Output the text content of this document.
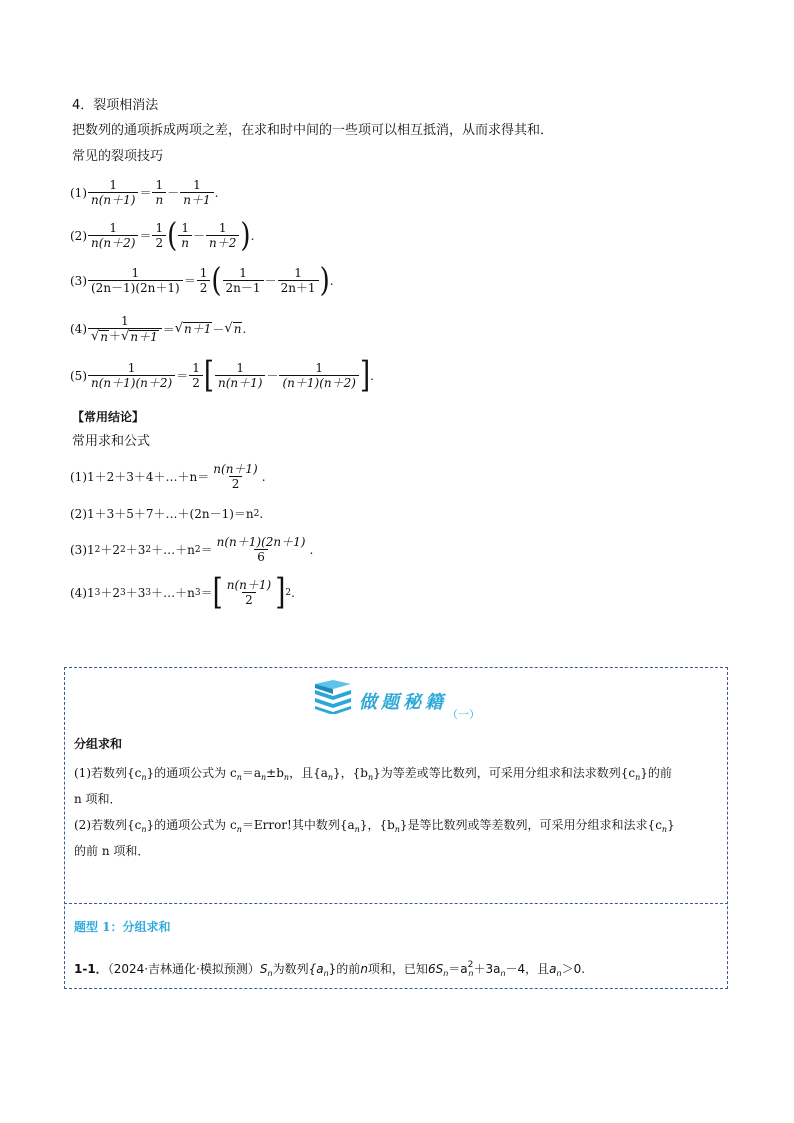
4．裂项相消法
把数列的通项拆成两项之差，在求和时中间的一些项可以相互抵消，从而求得其和．
常见的裂项技巧
$(1) \frac{1}{n(n+1)} = \frac{1}{n} - \frac{1}{n+1}$ .
$(2) \frac{1}{n(n+2)} = \frac{1}{2}$ ( $\frac{1}{n} - \frac{1}{n+2}$ ) .
$(3) \frac{1}{(2n-1)(2n+1)} = \frac{1}{2}$ ( $\frac{1}{2n-1} - \frac{1}{2n+1}$ ) .
$(4) \frac{1}{√ n + √ n+1}$ ＝ √ n＋1 － √ n .
$(5) \frac{1}{n(n+1)(n+2)} = \frac{1}{2}$ [ $\frac{1}{n(n+1)} - \frac{1}{(n+1)(n+2)}$ ] .
【常用结论】
常用求和公式
(1) 1＋2＋3＋4＋…＋n＝ $\frac{n(n+1)}{2}$ .
(2) 1＋3＋5＋7＋…＋(2n－1)＝n 2 .
(3) 1 2 ＋2 2 ＋3 2 ＋…＋n $2 = \frac{n(n+1)(2n+1)}{6}$ .
(4) 1 3 ＋2 3 ＋3 3 ＋…＋n 3 ＝ [ $\frac{n(n+1)}{2}$ ] 2 .
做题秘籍
（一）
分组求和
(1)若数列$\{c_n\}$的通项公式为 $c_n=a_n\pm b_n$，且$\{a_n\}$，$\{b_n\}$为等差或等比数列，可采用分组求和法求数列$\{c_n\}$的前
n 项和．
(2)若数列$\{c_n\}$的通项公式为 $c_n=Error$!其中数列$\{a_n\}$，$\{b_n\}$是等比数列或等差数列，可采用分组求和法求$\{c_n\}$
的前 n 项和．
题型 1：分组求和
1-1．（2024·吉林通化·模拟预测）$S_n$为数列$\{a_n\}$的前n项和，已知$6S_n=a^2_n+3a_n-4$，且$a_n>0$.
